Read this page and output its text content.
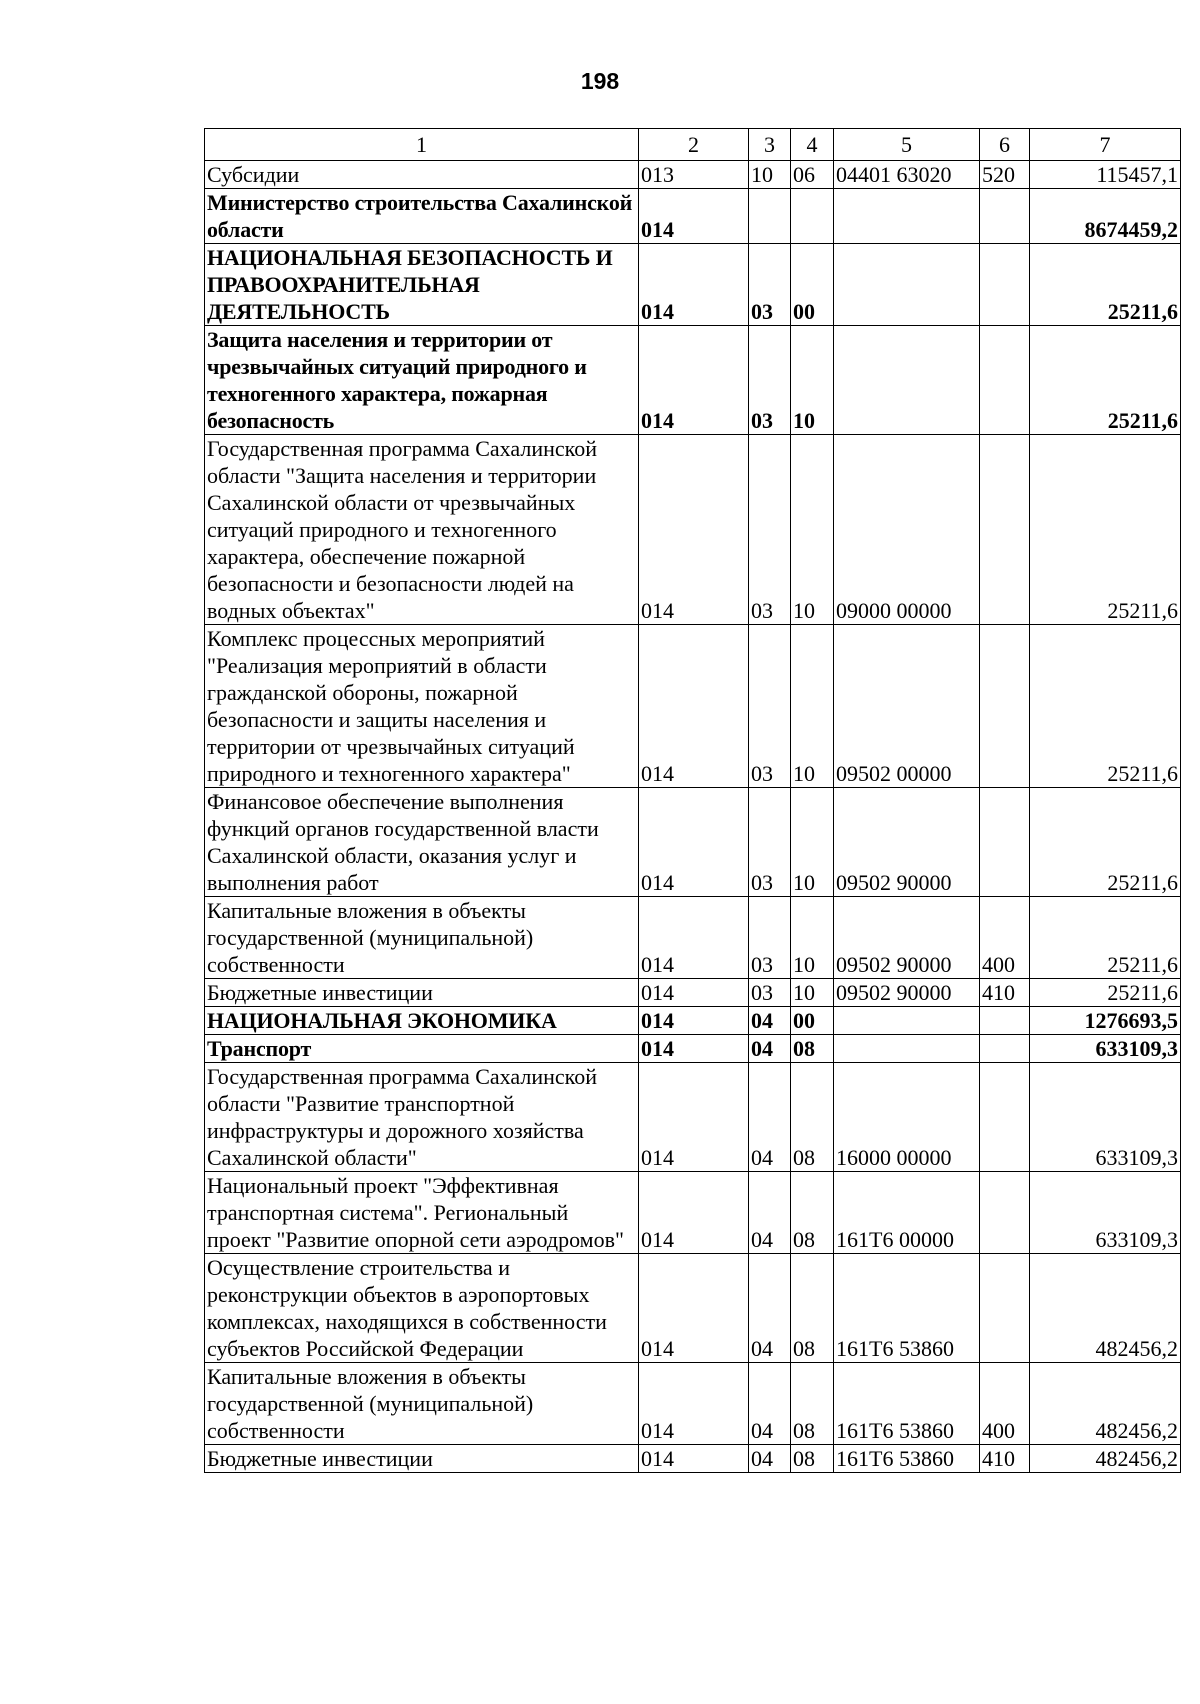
198
1	2	3	4	5	6	7
Субсидии	013	10	06	04401 63020	520	115457,1
Министерство строительства Сахалинской области	014					8674459,2
НАЦИОНАЛЬНАЯ БЕЗОПАСНОСТЬ И ПРАВООХРАНИТЕЛЬНАЯ ДЕЯТЕЛЬНОСТЬ	014	03	00			25211,6
Защита населения и территории от чрезвычайных ситуаций природного и техногенного характера, пожарная безопасность	014	03	10			25211,6
Государственная программа Сахалинской области "Защита населения и территории Сахалинской области от чрезвычайных ситуаций природного и техногенного характера, обеспечение пожарной безопасности и безопасности людей на водных объектах"	014	03	10	09000 00000		25211,6
Комплекс процессных мероприятий "Реализация мероприятий в области гражданской обороны, пожарной безопасности и защиты населения и территории от чрезвычайных ситуаций природного и техногенного характера"	014	03	10	09502 00000		25211,6
Финансовое обеспечение выполнения функций органов государственной власти Сахалинской области, оказания услуг и выполнения работ	014	03	10	09502 90000		25211,6
Капитальные вложения в объекты государственной (муниципальной) собственности	014	03	10	09502 90000	400	25211,6
Бюджетные инвестиции	014	03	10	09502 90000	410	25211,6
НАЦИОНАЛЬНАЯ ЭКОНОМИКА	014	04	00			1276693,5
Транспорт	014	04	08			633109,3
Государственная программа Сахалинской области "Развитие транспортной инфраструктуры и дорожного хозяйства Сахалинской области"	014	04	08	16000 00000		633109,3
Национальный проект "Эффективная транспортная система". Региональный проект "Развитие опорной сети аэродромов"	014	04	08	161Т6 00000		633109,3
Осуществление строительства и реконструкции объектов в аэропортовых комплексах, находящихся в собственности субъектов Российской Федерации	014	04	08	161Т6 53860		482456,2
Капитальные вложения в объекты государственной (муниципальной) собственности	014	04	08	161Т6 53860	400	482456,2
Бюджетные инвестиции	014	04	08	161Т6 53860	410	482456,2
